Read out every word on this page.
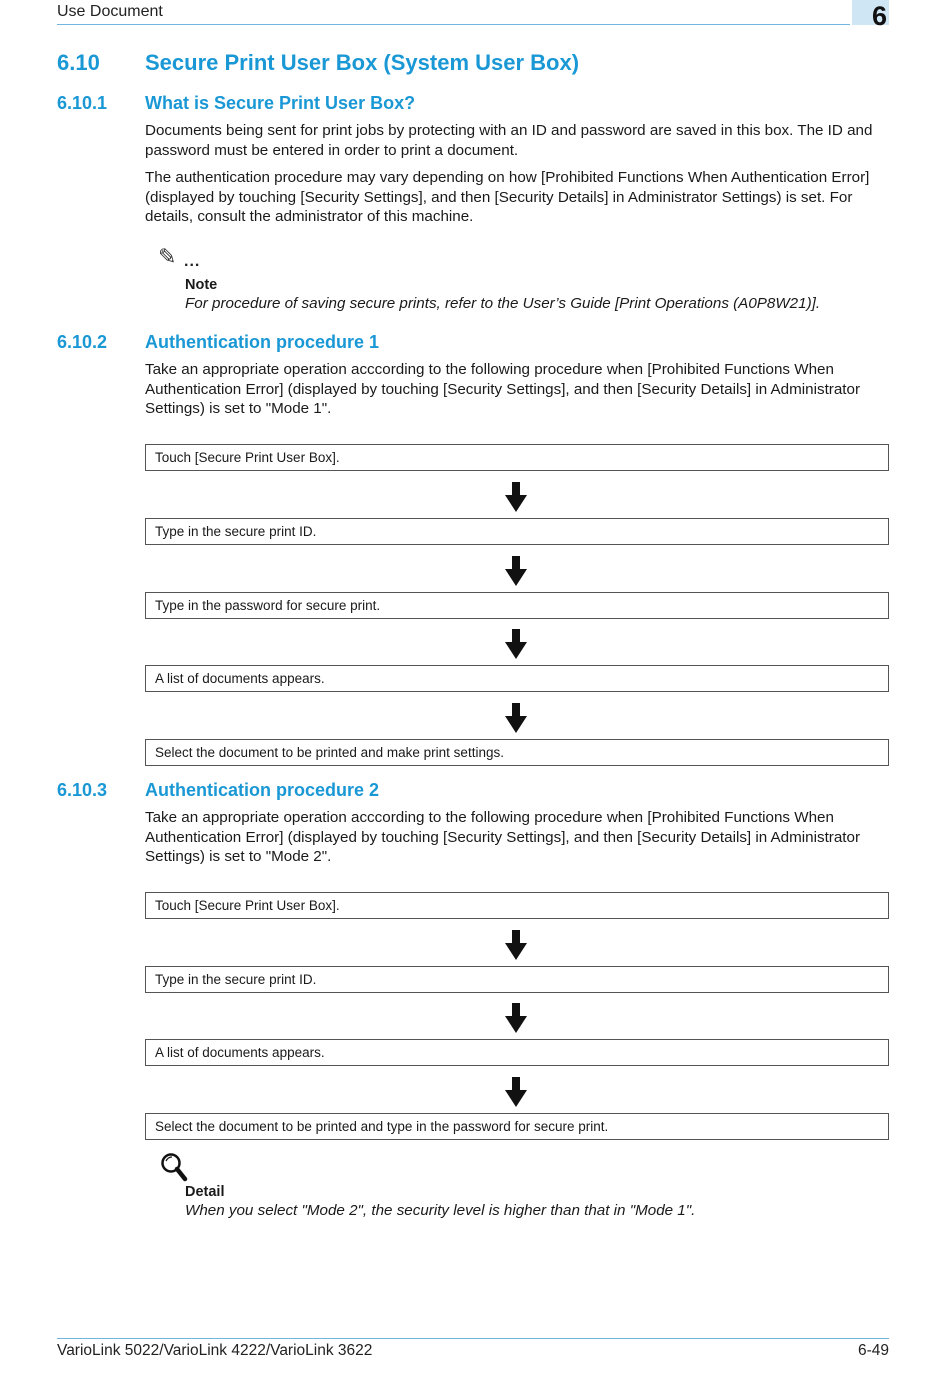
Use Document	6
6.10 Secure Print User Box (System User Box)
6.10.1 What is Secure Print User Box?

Documents being sent for print jobs by protecting with an ID and password are saved in this box. The ID and password must be entered in order to print a document.

The authentication procedure may vary depending on how [Prohibited Functions When Authentication Error] (displayed by touching [Security Settings], and then [Security Details] in Administrator Settings) is set. For details, consult the administrator of this machine.

✎ ...
Note
For procedure of saving secure prints, refer to the User’s Guide [Print Operations (A0P8W21)].
6.10.2 Authentication procedure 1

Take an appropriate operation acccording to the following procedure when [Prohibited Functions When Authentication Error] (displayed by touching [Security Settings], and then [Security Details] in Administrator Settings) is set to "Mode 1".

Touch [Secure Print User Box].
Type in the secure print ID.
Type in the password for secure print.
A list of documents appears.
Select the document to be printed and make print settings.
6.10.3 Authentication procedure 2

Take an appropriate operation acccording to the following procedure when [Prohibited Functions When Authentication Error] (displayed by touching [Security Settings], and then [Security Details] in Administrator Settings) is set to "Mode 2".

Touch [Secure Print User Box].
Type in the secure print ID.
A list of documents appears.
Select the document to be printed and type in the password for secure print.
Detail
When you select "Mode 2", the security level is higher than that in "Mode 1".
VarioLink 5022/VarioLink 4222/VarioLink 3622	6-49
